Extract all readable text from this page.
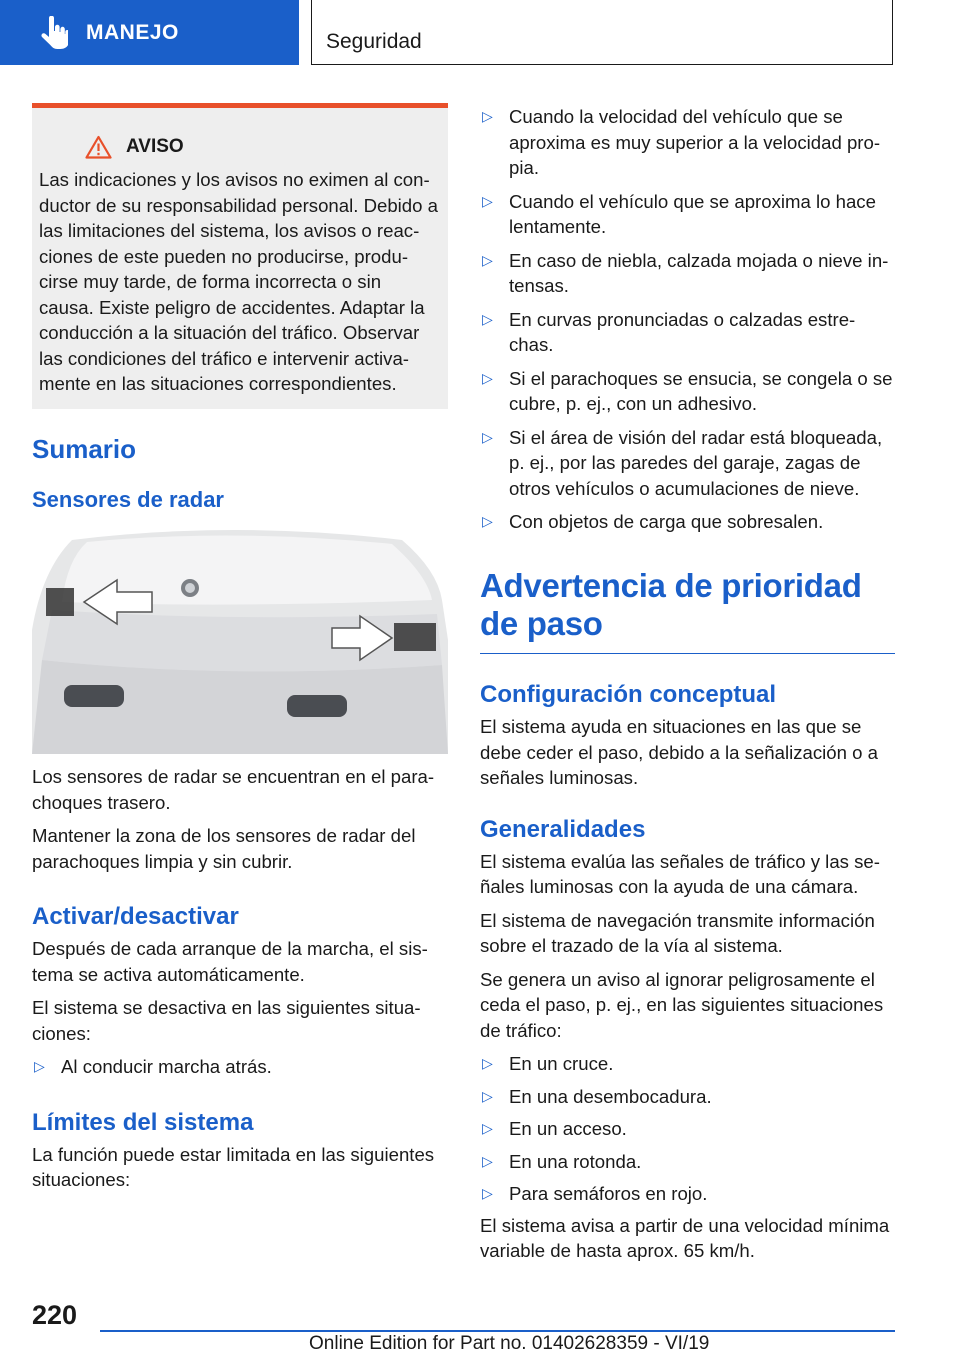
MANEJO	Seguridad
AVISO

Las indicaciones y los avisos no eximen al con-ductor de su responsabilidad personal. Debido a las limitaciones del sistema, los avisos o reac-ciones de este pueden no producirse, produ-cirse muy tarde, de forma incorrecta o sin causa. Existe peligro de accidentes. Adaptar la conducción a la situación del tráfico. Observar las condiciones del tráfico e intervenir activa-mente en las situaciones correspondientes.

Sumario
Sensores de radar

Los sensores de radar se encuentran en el para-choques trasero.

Mantener la zona de los sensores de radar del parachoques limpia y sin cubrir.

Activar/desactivar

Después de cada arranque de la marcha, el sis-tema se activa automáticamente.

El sistema se desactiva en las siguientes situa-ciones:

▷ Al conducir marcha atrás.
Límites del sistema

La función puede estar limitada en las siguientes situaciones:

▷ Cuando la velocidad del vehículo que se aproxima es muy superior a la velocidad pro-pia.
▷ Cuando el vehículo que se aproxima lo hace lentamente.
▷ En caso de niebla, calzada mojada o nieve in-tensas.
▷ En curvas pronunciadas o calzadas estre-chas.
▷ Si el parachoques se ensucia, se congela o se cubre, p. ej., con un adhesivo.
▷ Si el área de visión del radar está bloqueada, p. ej., por las paredes del garaje, zagas de otros vehículos o acumulaciones de nieve.
▷ Con objetos de carga que sobresalen.
Advertencia de prioridad de paso
Configuración conceptual

El sistema ayuda en situaciones en las que se debe ceder el paso, debido a la señalización o a señales luminosas.

Generalidades

El sistema evalúa las señales de tráfico y las se-ñales luminosas con la ayuda de una cámara.

El sistema de navegación transmite información sobre el trazado de la vía al sistema.

Se genera un aviso al ignorar peligrosamente el ceda el paso, p. ej., en las siguientes situaciones de tráfico:

▷ En un cruce.
▷ En una desembocadura.
▷ En un acceso.
▷ En una rotonda.
▷ Para semáforos en rojo.

El sistema avisa a partir de una velocidad mínima variable de hasta aprox. 65 km/h.

220
Online Edition for Part no. 01402628359 - VI/19
